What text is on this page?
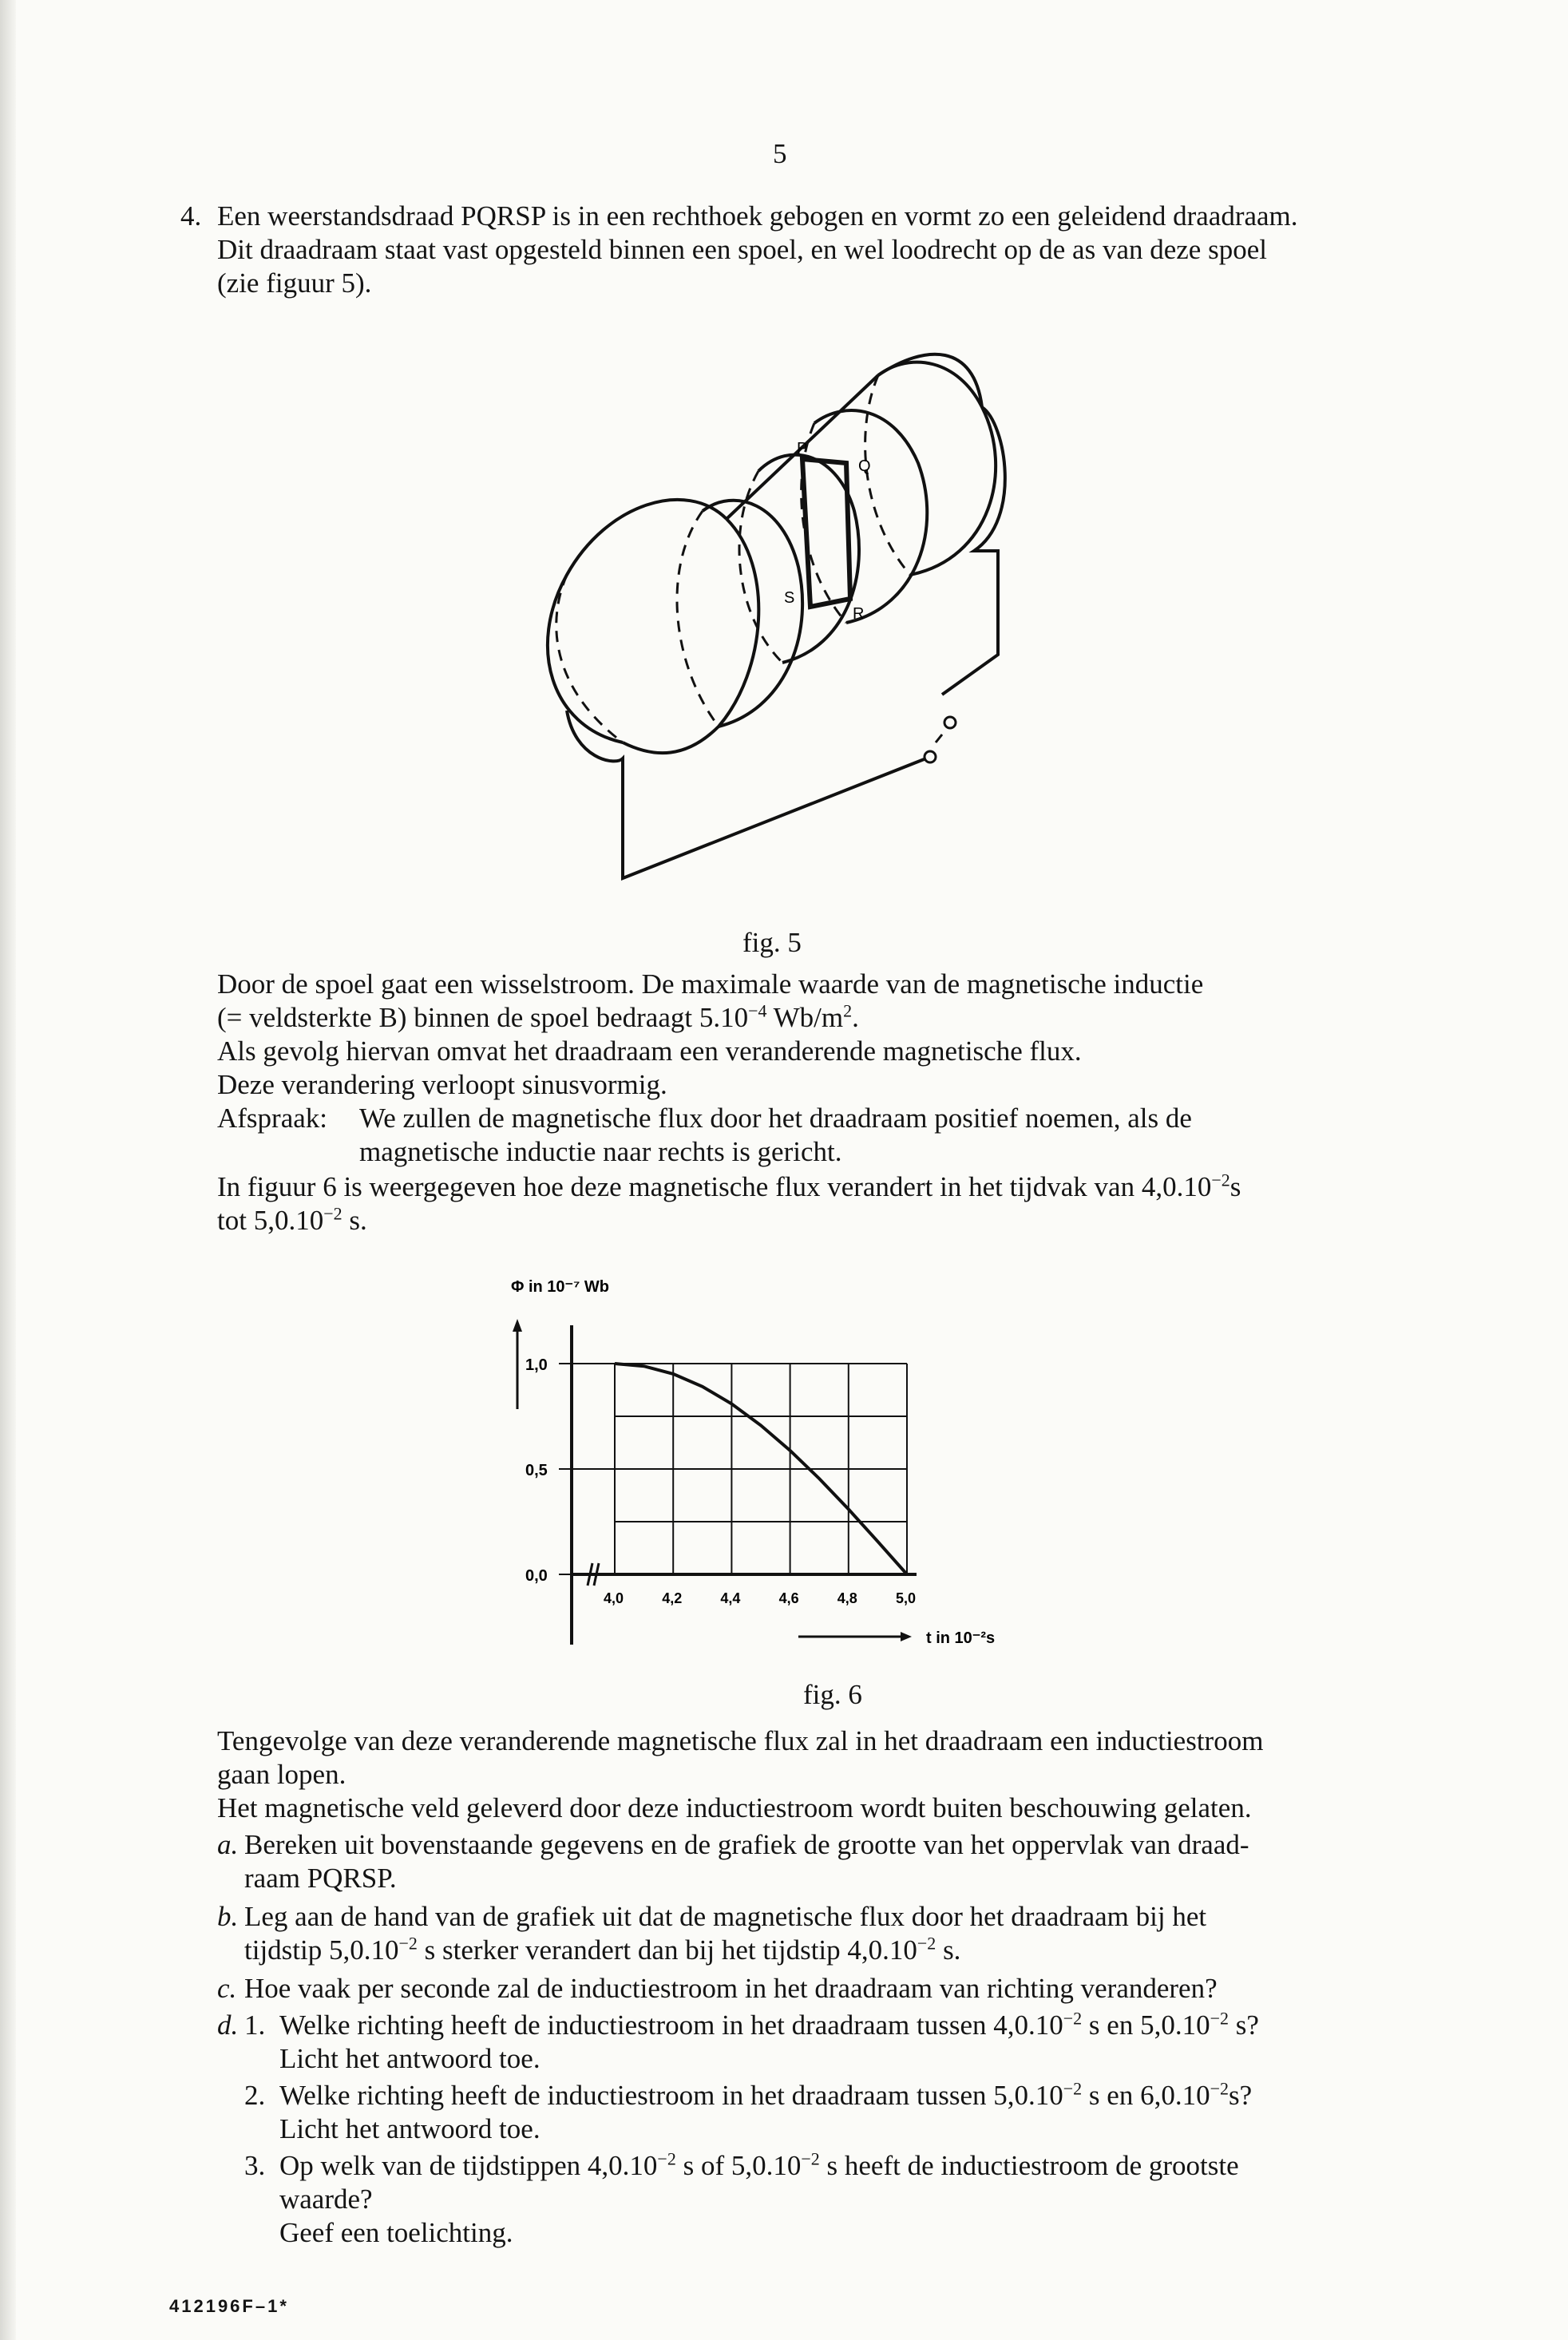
5
4. Een weerstandsdraad PQRSP is in een rechthoek gebogen en vormt zo een geleidend draadraam.
Dit draadraam staat vast opgesteld binnen een spoel, en wel loodrecht op de as van deze spoel
(zie figuur 5).
P
Q
R
S
fig. 5
Door de spoel gaat een wisselstroom. De maximale waarde van de magnetische inductie
(= veldsterkte B) binnen de spoel bedraagt $5.10^{-4}$ $Wb/m^2$.
Als gevolg hiervan omvat het draadraam een veranderende magnetische flux.
Deze verandering verloopt sinusvormig.
Afspraak: We zullen de magnetische flux door het draadraam positief noemen, als de
magnetische inductie naar rechts is gericht.
In figuur 6 is weergegeven hoe deze magnetische flux verandert in het tijdvak van $4,0.10^{-2}s$
tot $5,0.10^{-2}$ s.
Φ in 10⁻⁷ Wb
1,0
0,5
0,0
4,0	4,2	4,4	4,6	4,8	5,0
t in 10⁻²s
fig. 6
Tengevolge van deze veranderende magnetische flux zal in het draadraam een inductiestroom
gaan lopen.
Het magnetische veld geleverd door deze inductiestroom wordt buiten beschouwing gelaten.
a. Bereken uit bovenstaande gegevens en de grafiek de grootte van het oppervlak van draad-
raam PQRSP.
b. Leg aan de hand van de grafiek uit dat de magnetische flux door het draadraam bij het
tijdstip $5,0.10^{-2}$ s sterker verandert dan bij het tijdstip $4,0.10^{-2}$ s.
c. Hoe vaak per seconde zal de inductiestroom in het draadraam van richting veranderen?
d. 1. Welke richting heeft de inductiestroom in het draadraam tussen $4,0.10^{-2}$ s en $5,0.10^{-2}$ s?
Licht het antwoord toe.
2. Welke richting heeft de inductiestroom in het draadraam tussen $5,0.10^{-2}$ s en $6,0.10^{-2}s$?
Licht het antwoord toe.
3. Op welk van de tijdstippen $4,0.10^{-2}$ s of $5,0.10^{-2}$ s heeft de inductiestroom de grootste
waarde?
Geef een toelichting.
412196F–1*
